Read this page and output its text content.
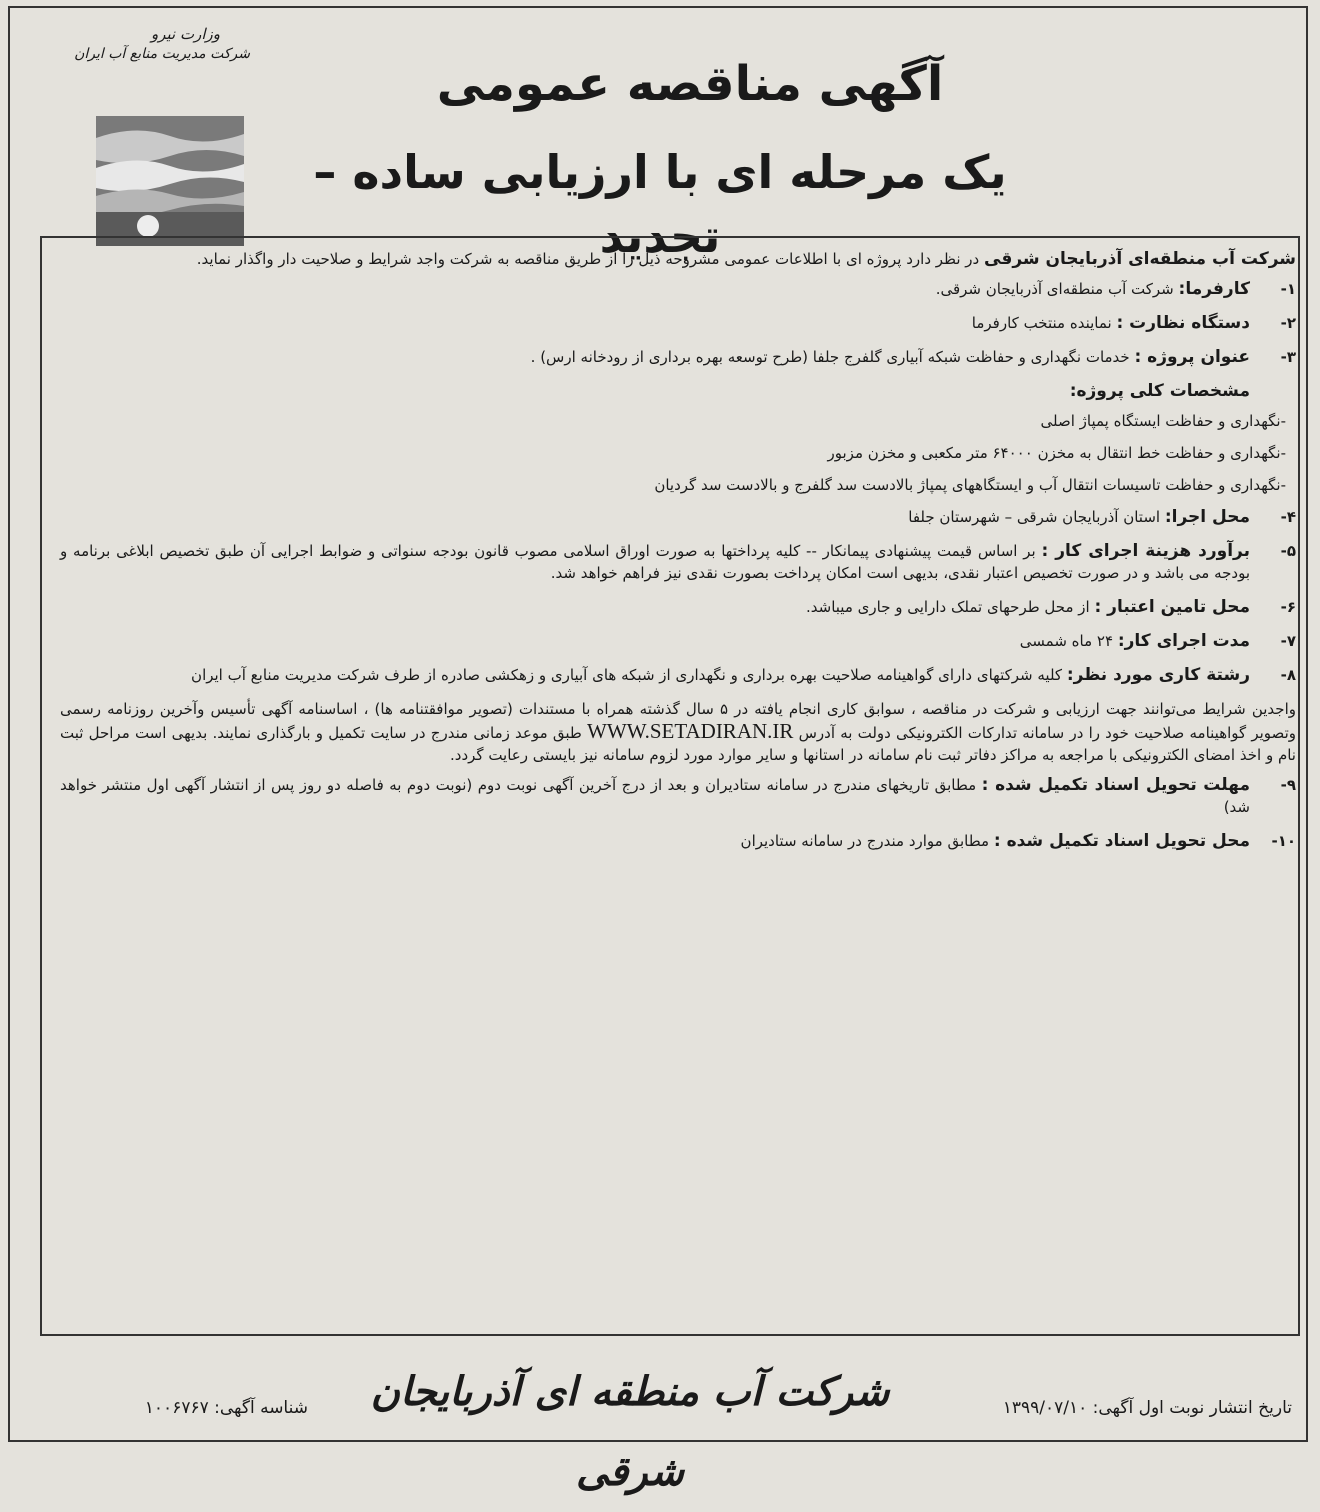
وزارت نیرو
شرکت مدیریت منابع آب ایران
آگهی مناقصه عمومی
یک مرحله ای با ارزیابی ساده – تجدید	شرکت آب منطقه‌ای آذربایجان شرقی در نظر دارد پروژه ای با اطلاعات عمومی مشروحه ذیل را از طریق مناقصه به شرکت واجد شرایط و صلاحیت دار واگذار نماید.

۱-
کارفرما: شرکت آب منطقه‌ای آذربایجان شرقی.
۲-
دستگاه نظارت : نماینده منتخب کارفرما
۳-
عنوان پروژه : خدمات نگهداری و حفاظت شبکه آبیاری گلفرج جلفا (طرح توسعه بهره برداری از رودخانه ارس) .
مشخصات کلی پروژه:
-نگهداری و حفاظت ایستگاه پمپاژ اصلی
-نگهداری و حفاظت خط انتقال به مخزن ۶۴۰۰۰ متر مکعبی و مخزن مزبور
-نگهداری و حفاظت تاسیسات انتقال آب و ایستگاههای پمپاژ بالادست سد گلفرج و بالادست سد گردیان
۴-
محل اجرا: استان آذربایجان شرقی – شهرستان جلفا
۵-
برآورد هزینة اجرای کار : بر اساس قیمت پیشنهادی پیمانکار -- کلیه پرداختها به صورت اوراق اسلامی مصوب قانون بودجه سنواتی و ضوابط اجرایی آن طبق تخصیص ابلاغی برنامه و بودجه می باشد و در صورت تخصیص اعتبار نقدی، بدیهی است امکان پرداخت بصورت نقدی نیز فراهم خواهد شد.
۶-
محل تامین اعتبار : از محل طرحهای تملک دارایی و جاری میباشد.
۷-
مدت اجرای کار: ۲۴ ماه شمسی
۸-
رشتة کاری مورد نظر: کلیه شرکتهای دارای گواهینامه صلاحیت بهره برداری و نگهداری از شبکه های آبیاری و زهکشی صادره از طرف شرکت مدیریت منابع آب ایران

واجدین شرایط می‌توانند جهت ارزیابی و شرکت در مناقصه ، سوابق کاری انجام یافته در ۵ سال گذشته همراه با مستندات (تصویر موافقتنامه ها) ، اساسنامه آگهی تأسیس وآخرین روزنامه رسمی وتصویر گواهینامه صلاحیت خود را در سامانه تدارکات الکترونیکی دولت به آدرس WWW.SETADIRAN.IR طبق موعد زمانی مندرج در سایت تکمیل و بارگذاری نمایند. بدیهی است مراحل ثبت نام و اخذ امضای الکترونیکی با مراجعه به مراکز دفاتر ثبت نام سامانه در استانها و سایر موارد مورد لزوم سامانه نیز بایستی رعایت گردد.

۹-
مهلت تحویل اسناد تکمیل شده : مطابق تاریخهای مندرج در سامانه ستادیران و بعد از درج آخرین آگهی نوبت دوم (نوبت دوم به فاصله دو روز پس از انتشار آگهی اول منتشر خواهد شد)
۱۰-
محل تحویل اسناد تکمیل شده : مطابق موارد مندرج در سامانه ستادیران
شرکت آب منطقه ای آذربایجان شرقی
تاریخ انتشار نوبت اول آگهی: ۱۳۹۹/۰۷/۱۰
شناسه آگهی: ۱۰۰۶۷۶۷
